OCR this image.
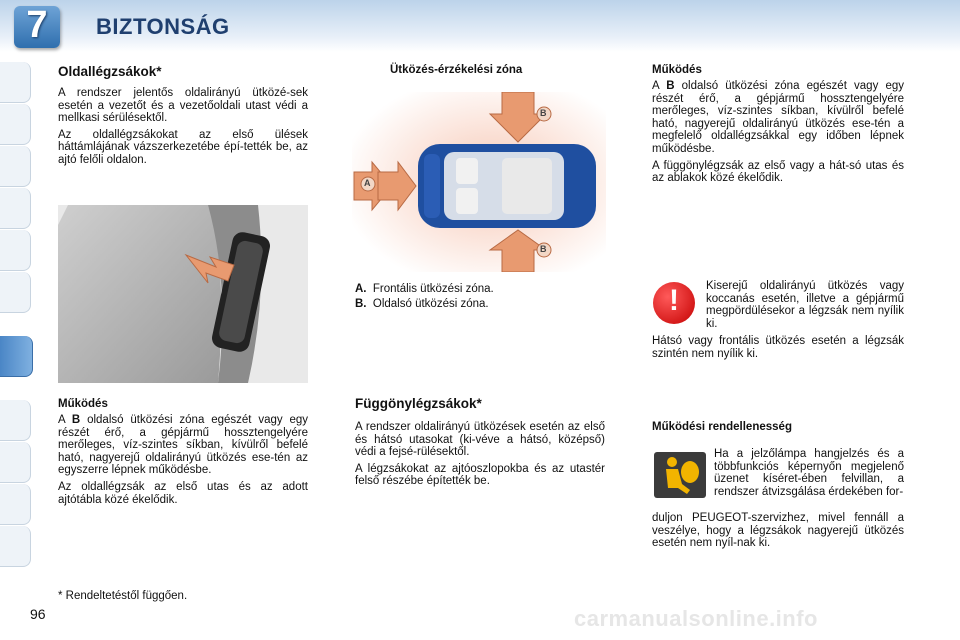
7	BIZTONSÁG
Oldallégzsákok*

A rendszer jelentős oldalirányú ütközé-sek esetén a vezetőt és a vezetőoldali utast védi a mellkasi sérülésektől.

Az oldallégzsákokat az első ülések háttámlájának vázszerkezetébe épí-tették be, az ajtó felőli oldalon.

Működés

A B oldalsó ütközési zóna egészét vagy egy részét érő, a gépjármű hossztengelyére merőleges, víz-szintes síkban, kívülről befelé ható, nagyerejű oldalirányú ütközés ese-tén az egyszerre lépnek működésbe.

Az oldallégzsák az első utas és az adott ajtótábla közé ékelődik.

* Rendeltetéstől függően.
96
Ütközés-érzékelési zóna
A
B
B
A. Frontális ütközési zóna.
B. Oldalsó ütközési zóna.
Függönylégzsákok*

A rendszer oldalirányú ütközések esetén az első és hátsó utasokat (ki-véve a hátsó, középső) védi a fejsé-rülésektől.

A légzsákokat az ajtóoszlopokba és az utastér felső részébe építették be.

Működés

A B oldalsó ütközési zóna egészét vagy egy részét érő, a gépjármű hossztengelyére merőleges, víz-szintes síkban, kívülről befelé ható, nagyerejű oldalirányú ütközés ese-tén a megfelelő oldallégzsákkal egy időben lépnek működésbe.

A függönylégzsák az első vagy a hát-só utas és az ablakok közé ékelődik.

!	Kiserejű oldalirányú ütközés vagy koccanás esetén, illetve a gépjármű megpördülésekor a légzsák nem nyílik ki.

Hátsó vagy frontális ütközés esetén a légzsák szintén nem nyílik ki.

Működési rendellenesség

Ha a jelzőlámpa hangjelzés és a többfunkciós képernyőn megjelenő üzenet kíséret-ében felvillan, a rendszer átvizsgálása érdekében for-

duljon PEUGEOT-szervizhez, mivel fennáll a veszélye, hogy a légzsákok nagyerejű ütközés esetén nem nyíl-nak ki.

carmanualsonline.info
